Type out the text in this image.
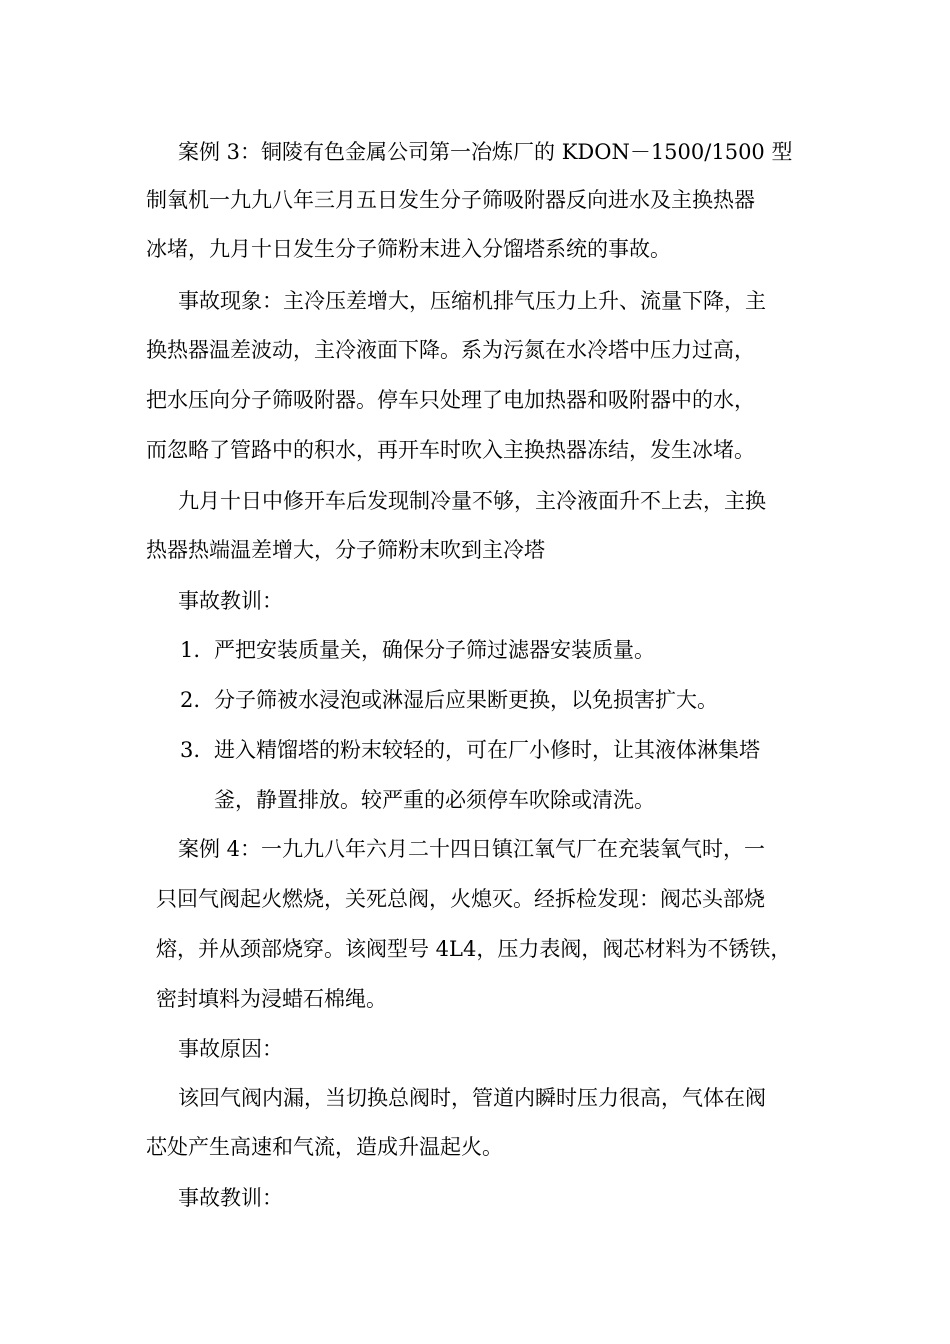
案例 3：铜陵有色金属公司第一冶炼厂的 KDON－1500/1500 型
制氧机一九九八年三月五日发生分子筛吸附器反向进水及主换热器
冰堵，九月十日发生分子筛粉末进入分馏塔系统的事故。
事故现象：主冷压差增大，压缩机排气压力上升、流量下降，主
换热器温差波动，主冷液面下降。系为污氮在水冷塔中压力过高，
把水压向分子筛吸附器。停车只处理了电加热器和吸附器中的水，
而忽略了管路中的积水，再开车时吹入主换热器冻结，发生冰堵。
九月十日中修开车后发现制冷量不够，主冷液面升不上去，主换
热器热端温差增大，分子筛粉末吹到主冷塔
事故教训：
1. 严把安装质量关，确保分子筛过滤器安装质量。
2. 分子筛被水浸泡或淋湿后应果断更换，以免损害扩大。
3. 进入精馏塔的粉末较轻的，可在厂小修时，让其液体淋集塔
釜，静置排放。较严重的必须停车吹除或清洗。
案例 4：一九九八年六月二十四日镇江氧气厂在充装氧气时，一
只回气阀起火燃烧，关死总阀，火熄灭。经拆检发现：阀芯头部烧
熔，并从颈部烧穿。该阀型号 4L4，压力表阀，阀芯材料为不锈铁，
密封填料为浸蜡石棉绳。
事故原因：
该回气阀内漏，当切换总阀时，管道内瞬时压力很高，气体在阀
芯处产生高速和气流，造成升温起火。
事故教训：
